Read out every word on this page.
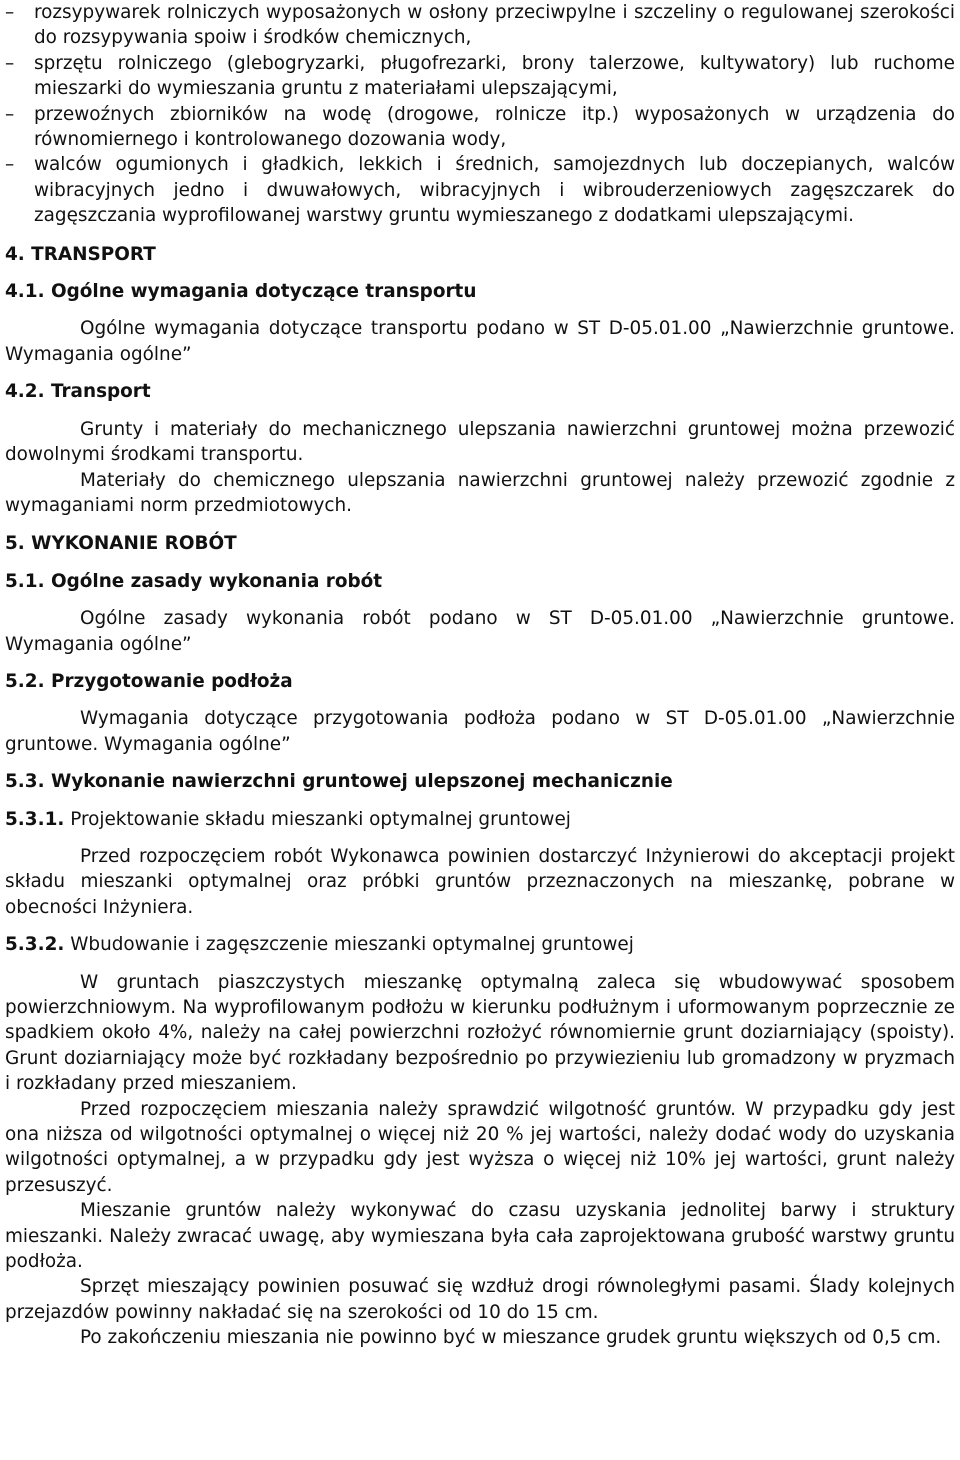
– rozsypywarek rolniczych wyposażonych w osłony przeciwpylne i szczeliny o regulowanej szerokości do rozsypywania spoiw i środków chemicznych,

– sprzętu rolniczego (glebogryzarki, pługofrezarki, brony talerzowe, kultywatory) lub ruchome mieszarki do wymieszania gruntu z materiałami ulepszającymi,

– przewoźnych zbiorników na wodę (drogowe, rolnicze itp.) wyposażonych w urządzenia do równomiernego i kontrolowanego dozowania wody,

– walców ogumionych i gładkich, lekkich i średnich, samojezdnych lub doczepianych, walców wibracyjnych jedno i dwuwałowych, wibracyjnych i wibrouderzeniowych zagęszczarek do zagęszczania wyprofilowanej warstwy gruntu wymieszanego z dodatkami ulepszającymi.

4. TRANSPORT

4.1. Ogólne wymagania dotyczące transportu

Ogólne wymagania dotyczące transportu podano w ST D-05.01.00 „Nawierzchnie gruntowe. Wymagania ogólne”

4.2. Transport

Grunty i materiały do mechanicznego ulepszania nawierzchni gruntowej można przewozić dowolnymi środkami transportu.

Materiały do chemicznego ulepszania nawierzchni gruntowej należy przewozić zgodnie z wymaganiami norm przedmiotowych.

5. WYKONANIE ROBÓT

5.1. Ogólne zasady wykonania robót

Ogólne zasady wykonania robót podano w ST D-05.01.00 „Nawierzchnie gruntowe. Wymagania ogólne”

5.2. Przygotowanie podłoża

Wymagania dotyczące przygotowania podłoża podano w ST D-05.01.00 „Nawierzchnie gruntowe. Wymagania ogólne”

5.3. Wykonanie nawierzchni gruntowej ulepszonej mechanicznie

5.3.1. Projektowanie składu mieszanki optymalnej gruntowej

Przed rozpoczęciem robót Wykonawca powinien dostarczyć Inżynierowi do akceptacji projekt składu mieszanki optymalnej oraz próbki gruntów przeznaczonych na mieszankę, pobrane w obecności Inżyniera.

5.3.2. Wbudowanie i zagęszczenie mieszanki optymalnej gruntowej

W gruntach piaszczystych mieszankę optymalną zaleca się wbudowywać sposobem powierzchniowym. Na wyprofilowanym podłożu w kierunku podłużnym i uformowanym poprzecznie ze spadkiem około 4%, należy na całej powierzchni rozłożyć równomiernie grunt doziarniający (spoisty). Grunt doziarniający może być rozkładany bezpośrednio po przywiezieniu lub gromadzony w pryzmach i rozkładany przed mieszaniem.

Przed rozpoczęciem mieszania należy sprawdzić wilgotność gruntów. W przypadku gdy jest ona niższa od wilgotności optymalnej o więcej niż 20 % jej wartości, należy dodać wody do uzyskania wilgotności optymalnej, a w przypadku gdy jest wyższa o więcej niż 10% jej wartości, grunt należy przesuszyć.

Mieszanie gruntów należy wykonywać do czasu uzyskania jednolitej barwy i struktury mieszanki. Należy zwracać uwagę, aby wymieszana była cała zaprojektowana grubość warstwy gruntu podłoża.

Sprzęt mieszający powinien posuwać się wzdłuż drogi równoległymi pasami. Ślady kolejnych przejazdów powinny nakładać się na szerokości od 10 do 15 cm.

Po zakończeniu mieszania nie powinno być w mieszance grudek gruntu większych od 0,5 cm.
